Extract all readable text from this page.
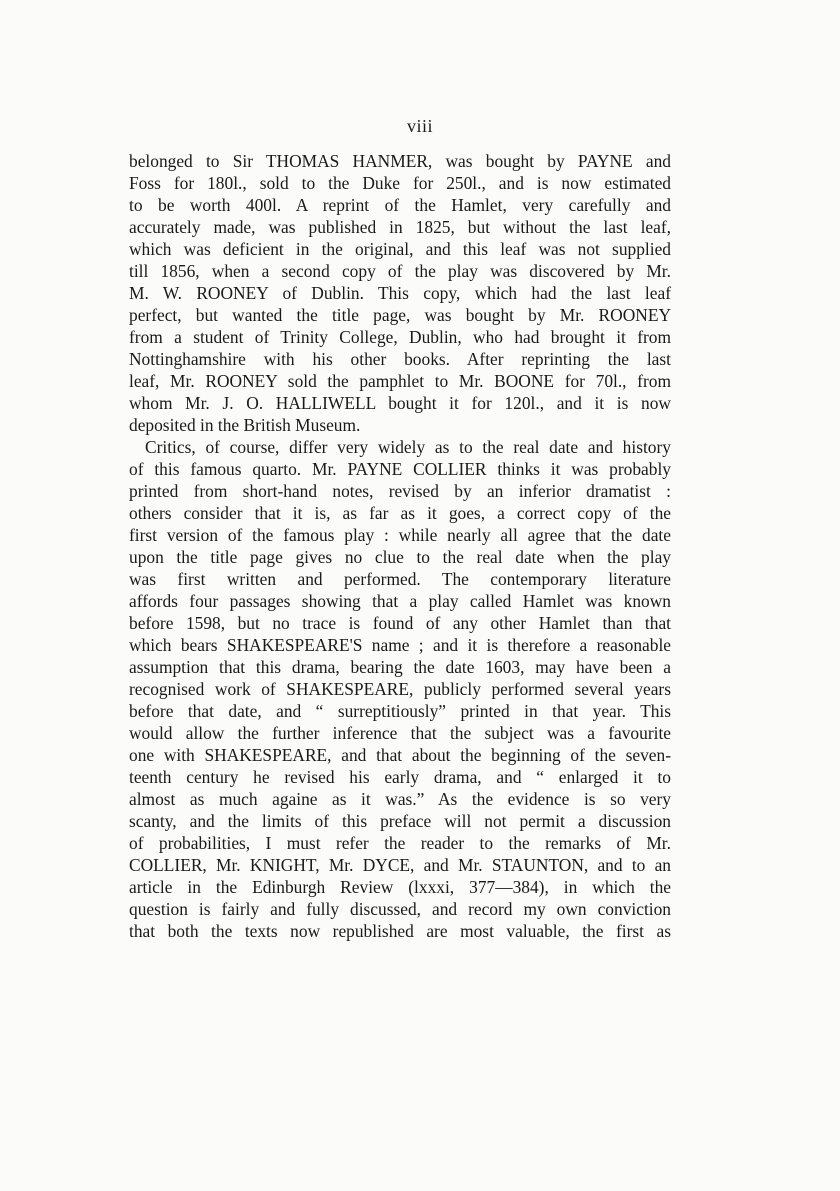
viii
belonged to Sir THOMAS HANMER, was bought by PAYNE and
Foss for 180l., sold to the Duke for 250l., and is now estimated
to be worth 400l. A reprint of the Hamlet, very carefully and
accurately made, was published in 1825, but without the last leaf,
which was deficient in the original, and this leaf was not supplied
till 1856, when a second copy of the play was discovered by Mr.
M. W. ROONEY of Dublin. This copy, which had the last leaf
perfect, but wanted the title page, was bought by Mr. ROONEY
from a student of Trinity College, Dublin, who had brought it from
Nottinghamshire with his other books. After reprinting the last
leaf, Mr. ROONEY sold the pamphlet to Mr. BOONE for 70l., from
whom Mr. J. O. HALLIWELL bought it for 120l., and it is now
deposited in the British Museum.
Critics, of course, differ very widely as to the real date and history
of this famous quarto. Mr. PAYNE COLLIER thinks it was probably
printed from short-hand notes, revised by an inferior dramatist :
others consider that it is, as far as it goes, a correct copy of the
first version of the famous play : while nearly all agree that the date
upon the title page gives no clue to the real date when the play
was first written and performed. The contemporary literature
affords four passages showing that a play called Hamlet was known
before 1598, but no trace is found of any other Hamlet than that
which bears SHAKESPEARE'S name ; and it is therefore a reasonable
assumption that this drama, bearing the date 1603, may have been a
recognised work of SHAKESPEARE, publicly performed several years
before that date, and “ surreptitiously” printed in that year. This
would allow the further inference that the subject was a favourite
one with SHAKESPEARE, and that about the beginning of the seven-
teenth century he revised his early drama, and “ enlarged it to
almost as much againe as it was.” As the evidence is so very
scanty, and the limits of this preface will not permit a discussion
of probabilities, I must refer the reader to the remarks of Mr.
COLLIER, Mr. KNIGHT, Mr. DYCE, and Mr. STAUNTON, and to an
article in the Edinburgh Review (lxxxi, 377—384), in which the
question is fairly and fully discussed, and record my own conviction
that both the texts now republished are most valuable, the first as
